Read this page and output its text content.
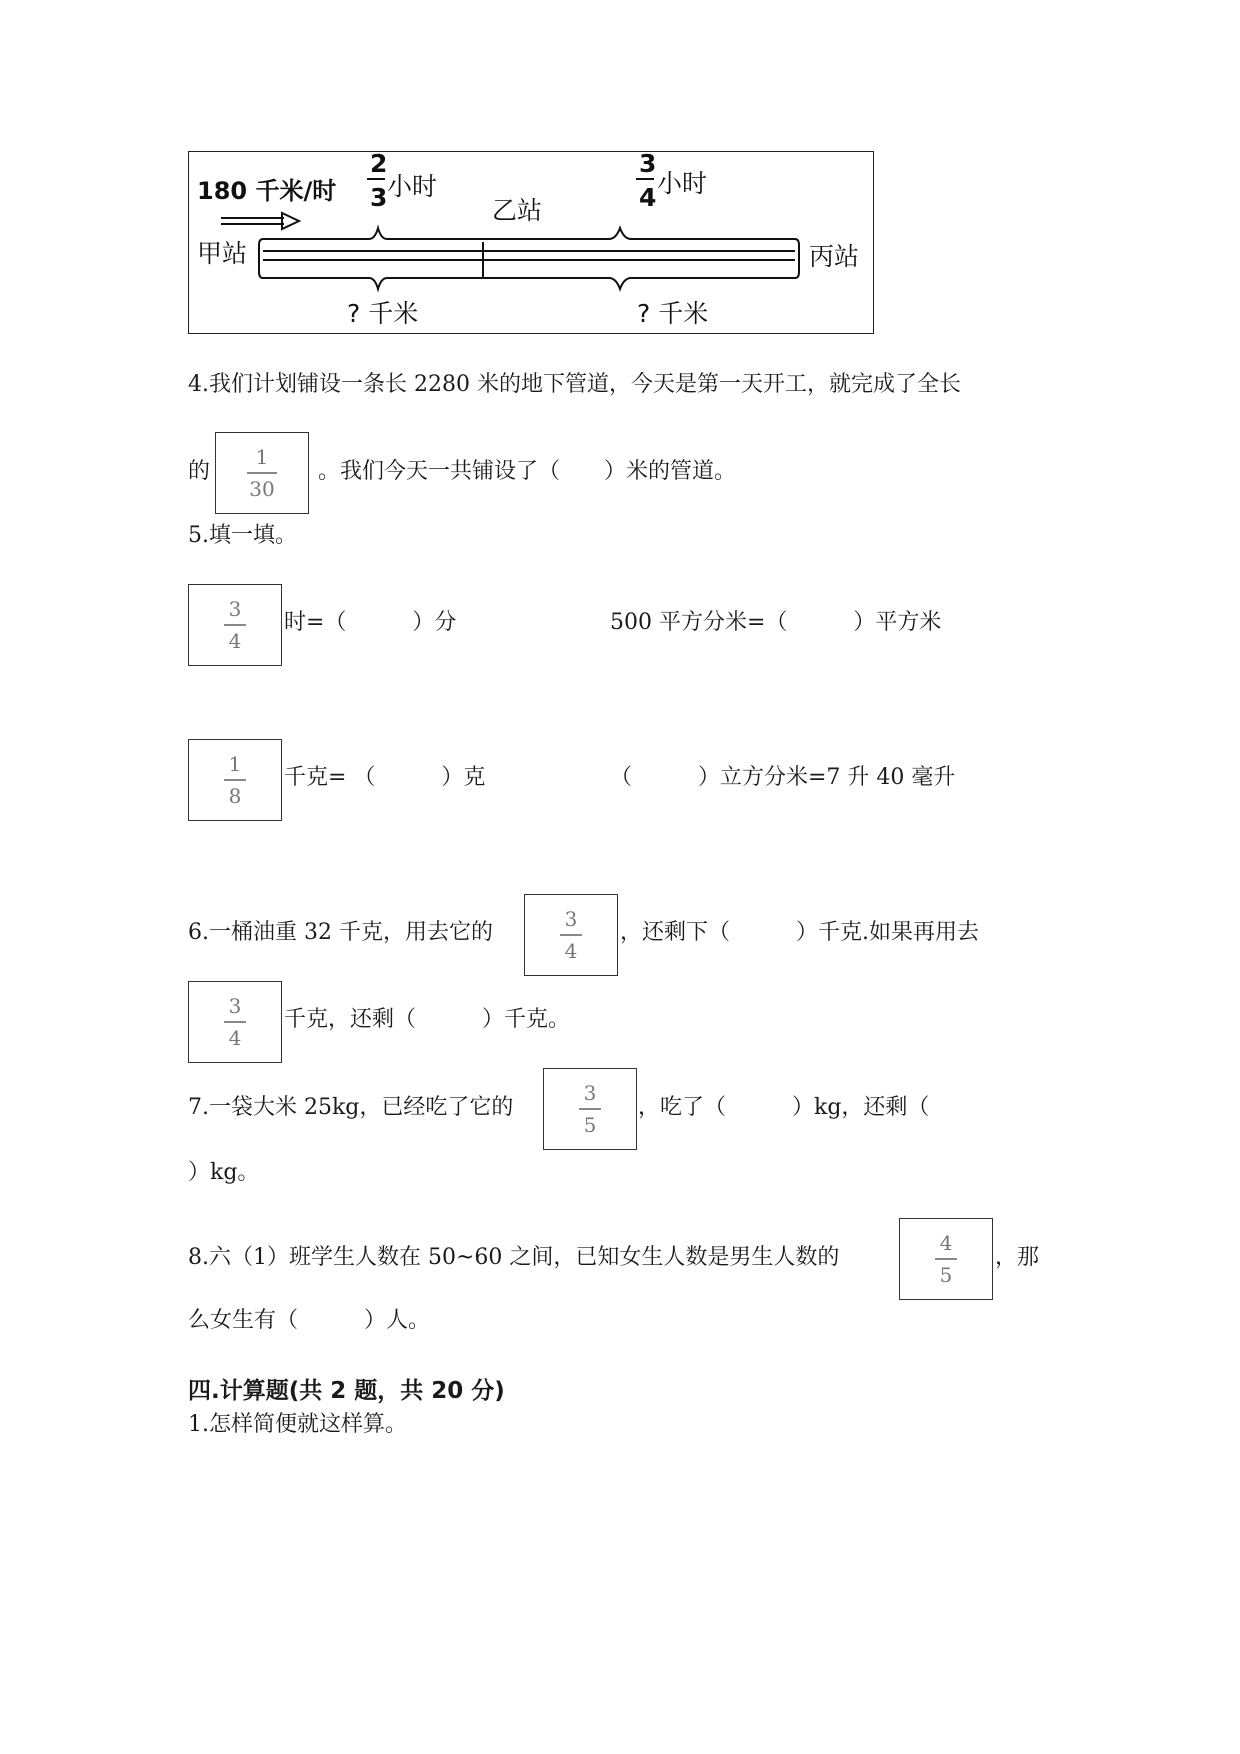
180 千米/时
2
3 小时
乙站
3
4 小时
甲站	丙站
? 千米	? 千米
4.我们计划铺设一条长 2280 米的地下管道，今天是第一天开工，就完成了全长
的
1
30
。我们今天一共铺设了（　　）米的管道。
5.填一填。
3
4
时=（　　　）分	500 平方分米=（　　　）平方米
1
8
千克= （　　　）克	（　　　）立方分米=7 升 40 毫升
6.一桶油重 32 千克，用去它的
3
4
，还剩下（　　　）千克.如果再用去
3
4
千克，还剩（　　　）千克。
7.一袋大米 25kg，已经吃了它的
3
5
，吃了（　　　）kg，还剩（
）kg。
8.六（1）班学生人数在 50~60 之间，已知女生人数是男生人数的
4
5
，那
么女生有（　　　）人。
四.计算题(共 2 题，共 20 分)
1.怎样简便就这样算。
